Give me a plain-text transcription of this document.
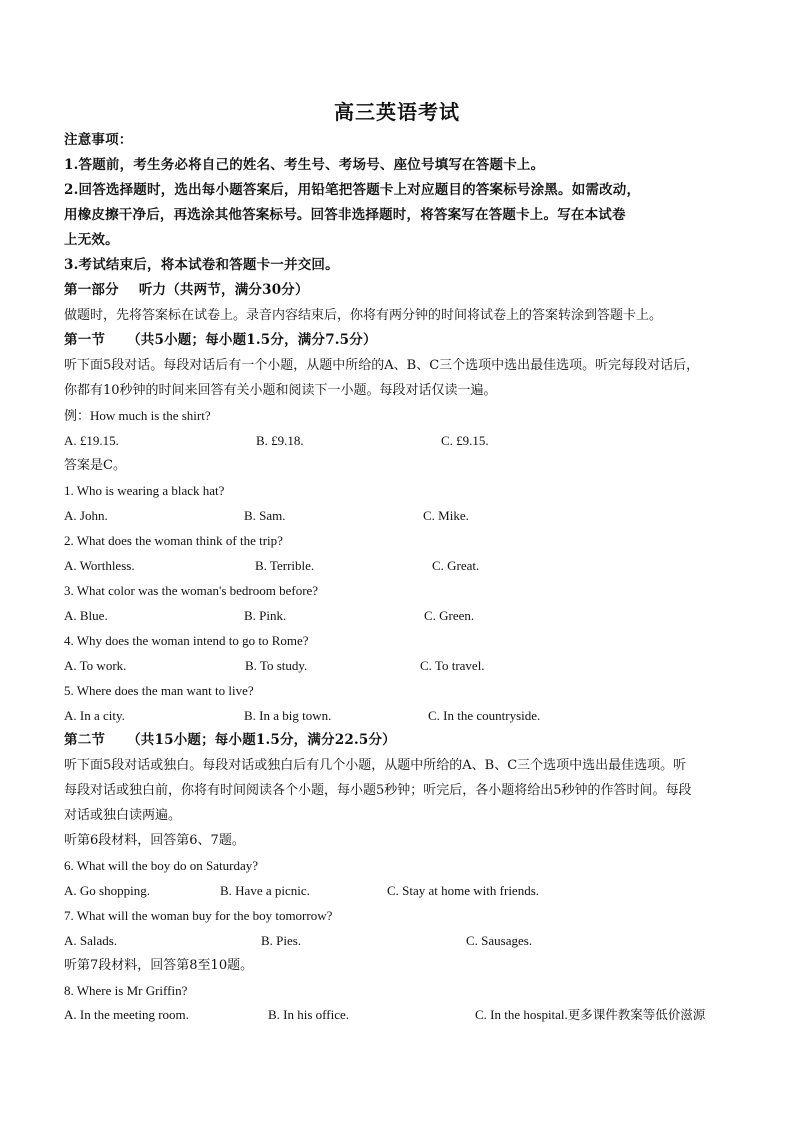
高三英语考试
注意事项：
1.答题前，考生务必将自己的姓名、考生号、考场号、座位号填写在答题卡上。
2.回答选择题时，选出每小题答案后，用铅笔把答题卡上对应题目的答案标号涂黑。如需改动，
用橡皮擦干净后，再选涂其他答案标号。回答非选择题时，将答案写在答题卡上。写在本试卷
上无效。
3.考试结束后，将本试卷和答题卡一并交回。
第一部分 听力（共两节，满分30分）
做题时，先将答案标在试卷上。录音内容结束后，你将有两分钟的时间将试卷上的答案转涂到答题卡上。
第一节 （共5小题；每小题1.5分，满分7.5分）
听下面5段对话。每段对话后有一个小题，从题中所给的A、B、C三个选项中选出最佳选项。听完每段对话后，
你都有10秒钟的时间来回答有关小题和阅读下一小题。每段对话仅读一遍。
例：How much is the shirt?
A. £19.15.	B. £9.18.	C. £9.15.
答案是C。
1. Who is wearing a black hat?
A. John.	B. Sam.	C. Mike.
2. What does the woman think of the trip?
A. Worthless.	B. Terrible.	C. Great.
3. What color was the woman's bedroom before?
A. Blue.	B. Pink.	C. Green.
4. Why does the woman intend to go to Rome?
A. To work.	B. To study.	C. To travel.
5. Where does the man want to live?
A. In a city.	B. In a big town.	C. In the countryside.
第二节 （共15小题；每小题1.5分，满分22.5分）
听下面5段对话或独白。每段对话或独白后有几个小题，从题中所给的A、B、C三个选项中选出最佳选项。听
每段对话或独白前，你将有时间阅读各个小题，每小题5秒钟；听完后，各小题将给出5秒钟的作答时间。每段
对话或独白读两遍。
听第6段材料，回答第6、7题。
6. What will the boy do on Saturday?
A. Go shopping.	B. Have a picnic.	C. Stay at home with friends.
7. What will the woman buy for the boy tomorrow?
A. Salads.	B. Pies.	C. Sausages.
听第7段材料，回答第8至10题。
8. Where is Mr Griffin?
A. In the meeting room.	B. In his office.	C. In the hospital.更多课件教案等低价滋源
